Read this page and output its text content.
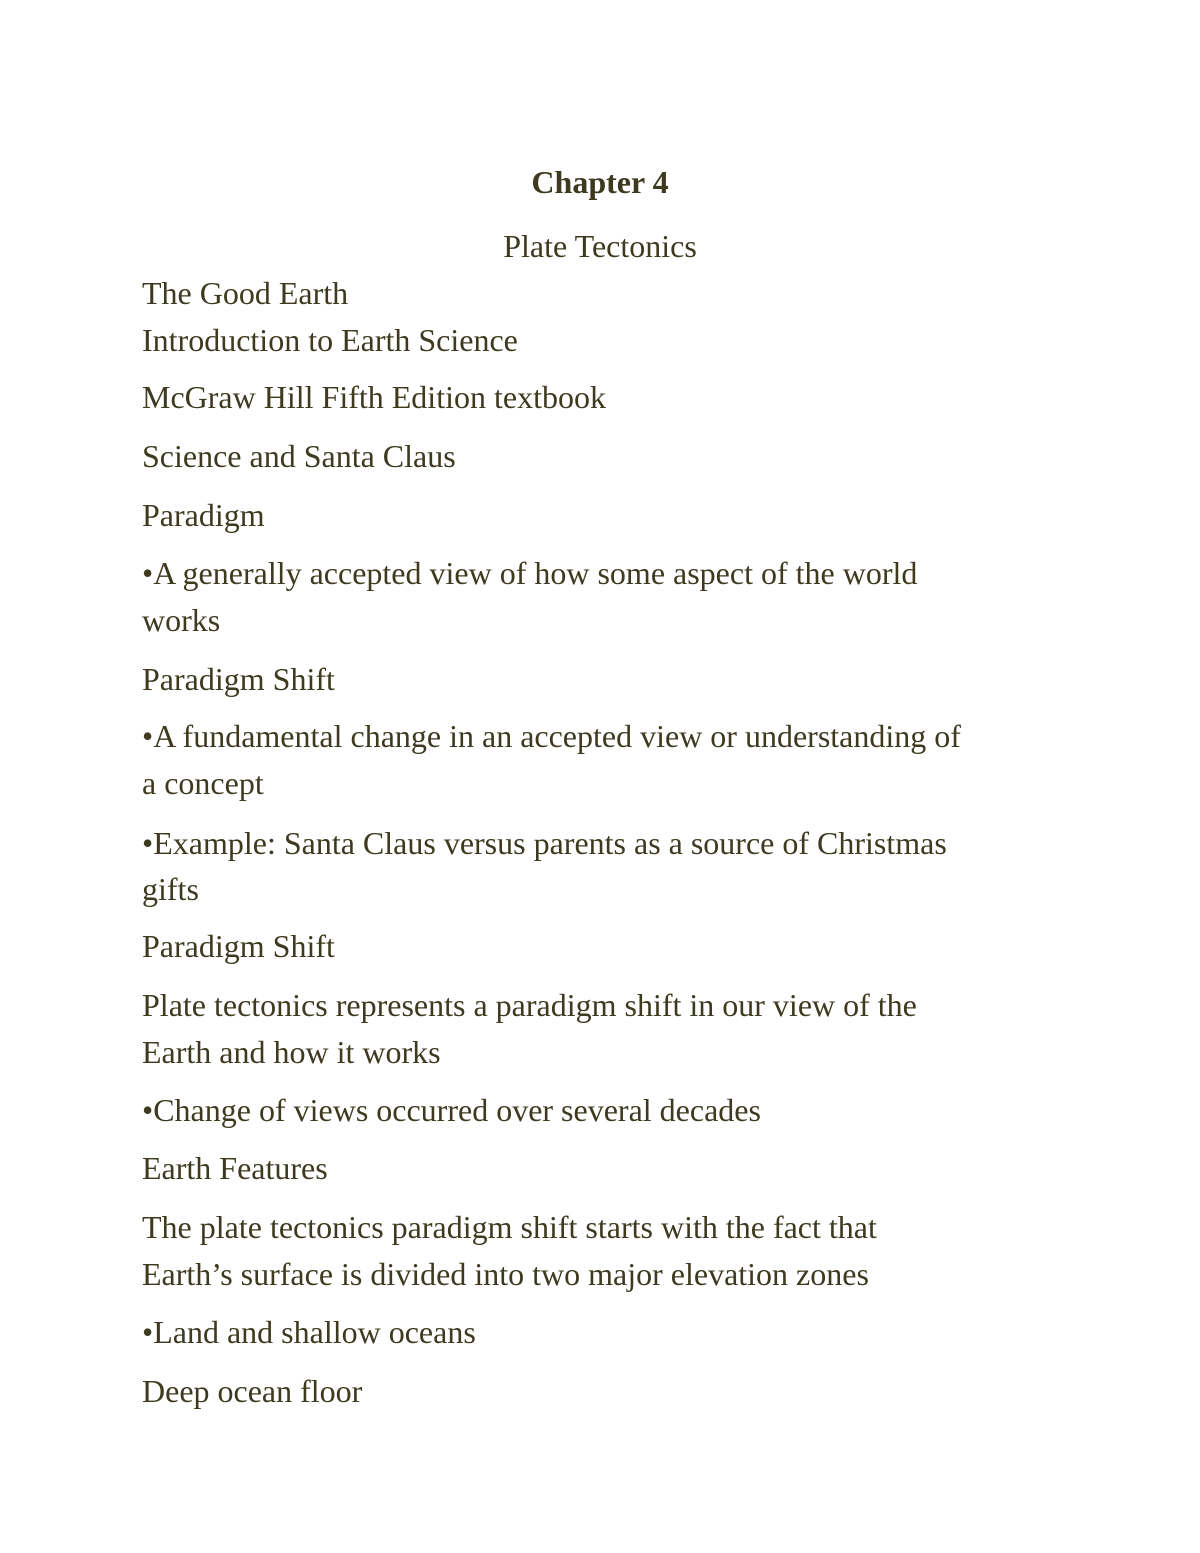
Chapter 4
Plate Tectonics
The Good Earth
Introduction to Earth Science
McGraw Hill Fifth Edition textbook
Science and Santa Claus
Paradigm
•A generally accepted view of how some aspect of the world
works
Paradigm Shift
•A fundamental change in an accepted view or understanding of
a concept
•Example: Santa Claus versus parents as a source of Christmas
gifts
Paradigm Shift
Plate tectonics represents a paradigm shift in our view of the
Earth and how it works
•Change of views occurred over several decades
Earth Features
The plate tectonics paradigm shift starts with the fact that
Earth’s surface is divided into two major elevation zones
•Land and shallow oceans
Deep ocean floor
